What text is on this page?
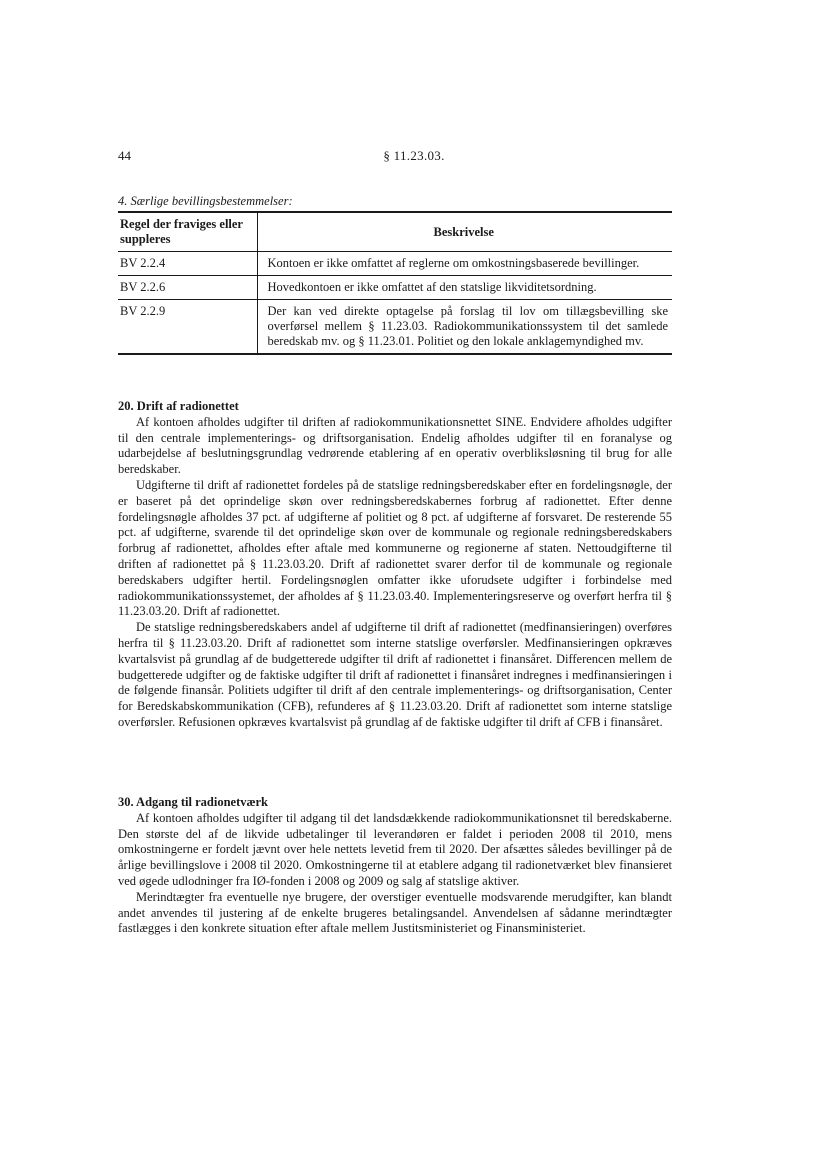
44	§ 11.23.03.
4. Særlige bevillingsbestemmelser:
Regel der fraviges eller suppleres	Beskrivelse
BV 2.2.4	Kontoen er ikke omfattet af reglerne om omkostningsbaserede bevillinger.
BV 2.2.6	Hovedkontoen er ikke omfattet af den statslige likviditetsordning.
BV 2.2.9	Der kan ved direkte optagelse på forslag til lov om tillægsbevilling ske overførsel mellem § 11.23.03. Radiokommunikationssystem til det samlede beredskab mv. og § 11.23.01. Politiet og den lokale anklagemyndighed mv.
20. Drift af radionettet

Af kontoen afholdes udgifter til driften af radiokommunikationsnettet SINE. Endvidere afholdes udgifter til den centrale implementerings- og driftsorganisation. Endelig afholdes udgifter til en foranalyse og udarbejdelse af beslutningsgrundlag vedrørende etablering af en operativ overbliksløsning til brug for alle beredskaber.

Udgifterne til drift af radionettet fordeles på de statslige redningsberedskaber efter en fordelingsnøgle, der er baseret på det oprindelige skøn over redningsberedskabernes forbrug af radionettet. Efter denne fordelingsnøgle afholdes 37 pct. af udgifterne af politiet og 8 pct. af udgifterne af forsvaret. De resterende 55 pct. af udgifterne, svarende til det oprindelige skøn over de kommunale og regionale redningsberedskabers forbrug af radionettet, afholdes efter aftale med kommunerne og regionerne af staten. Nettoudgifterne til driften af radionettet på § 11.23.03.20. Drift af radionettet svarer derfor til de kommunale og regionale beredskabers udgifter hertil. Fordelingsnøglen omfatter ikke uforudsete udgifter i forbindelse med radiokommunikationssystemet, der afholdes af § 11.23.03.40. Implementeringsreserve og overført herfra til § 11.23.03.20. Drift af radionettet.

De statslige redningsberedskabers andel af udgifterne til drift af radionettet (medfinansieringen) overføres herfra til § 11.23.03.20. Drift af radionettet som interne statslige overførsler. Medfinansieringen opkræves kvartalsvist på grundlag af de budgetterede udgifter til drift af radionettet i finansåret. Differencen mellem de budgetterede udgifter og de faktiske udgifter til drift af radionettet i finansåret indregnes i medfinansieringen i de følgende finansår. Politiets udgifter til drift af den centrale implementerings- og driftsorganisation, Center for Beredskabskommunikation (CFB), refunderes af § 11.23.03.20. Drift af radionettet som interne statslige overførsler. Refusionen opkræves kvartalsvist på grundlag af de faktiske udgifter til drift af CFB i finansåret.

30. Adgang til radionetværk

Af kontoen afholdes udgifter til adgang til det landsdækkende radiokommunikationsnet til beredskaberne. Den største del af de likvide udbetalinger til leverandøren er faldet i perioden 2008 til 2010, mens omkostningerne er fordelt jævnt over hele nettets levetid frem til 2020. Der afsættes således bevillinger på de årlige bevillingslove i 2008 til 2020. Omkostningerne til at etablere adgang til radionetværket blev finansieret ved øgede udlodninger fra IØ-fonden i 2008 og 2009 og salg af statslige aktiver.

Merindtægter fra eventuelle nye brugere, der overstiger eventuelle modsvarende merudgifter, kan blandt andet anvendes til justering af de enkelte brugeres betalingsandel. Anvendelsen af sådanne merindtægter fastlægges i den konkrete situation efter aftale mellem Justitsministeriet og Finansministeriet.
